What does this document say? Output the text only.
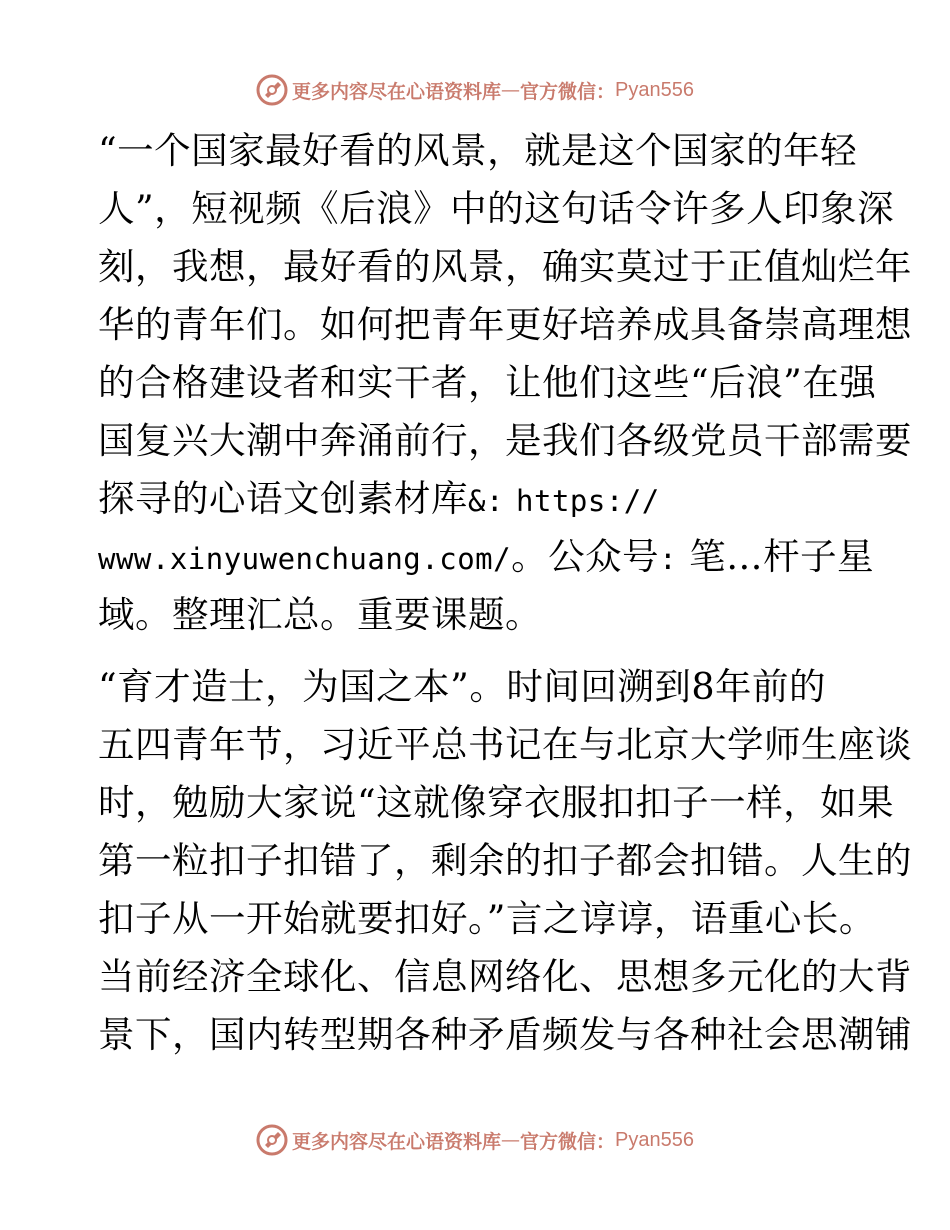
更多内容尽在心语资料库 — 官方微信： Pyan556
“一个国家最好看的风景，就是这个国家的年轻
人”，短视频《后浪》中的这句话令许多人印象深
刻，我想，最好看的风景，确实莫过于正值灿烂年
华的青年们。如何把青年更好培养成具备崇高理想
的合格建设者和实干者，让他们这些“后浪”在强
国复兴大潮中奔涌前行，是我们各级党员干部需要
探寻的心语文创素材库&: https://
www.xinyuwenchuang.com/。公众号: 笔…杆子星
域。整理汇总。重要课题。
“育才造士，为国之本”。时间回溯到8年前的
五四青年节，习近平总书记在与北京大学师生座谈
时，勉励大家说“这就像穿衣服扣扣子一样，如果
第一粒扣子扣错了，剩余的扣子都会扣错。人生的
扣子从一开始就要扣好。”言之谆谆，语重心长。
当前经济全球化、信息网络化、思想多元化的大背
景下，国内转型期各种矛盾频发与各种社会思潮铺
更多内容尽在心语资料库 — 官方微信： Pyan556
